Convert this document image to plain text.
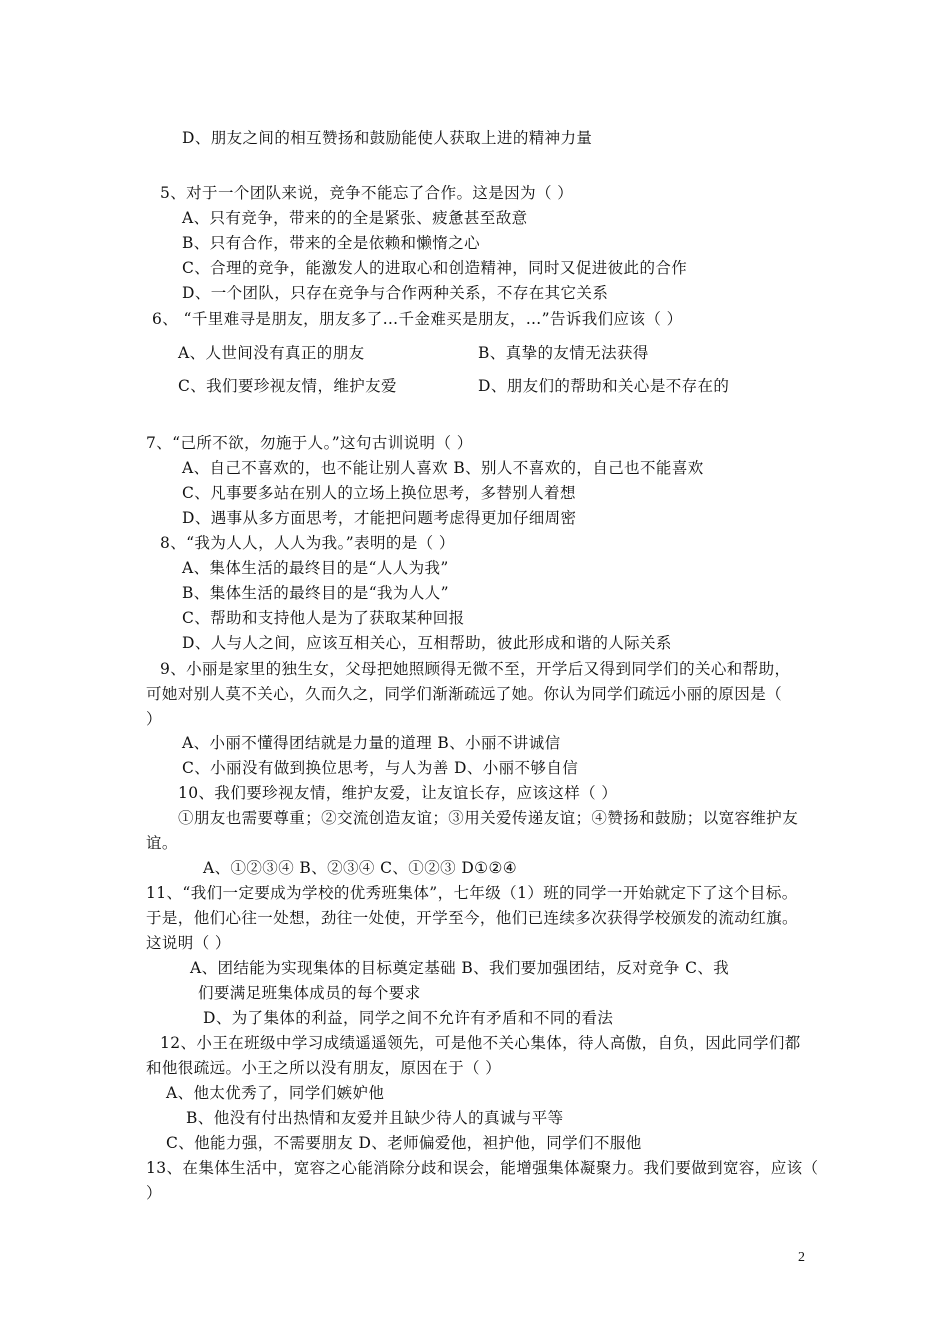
D、朋友之间的相互赞扬和鼓励能使人获取上进的精神力量
5、对于一个团队来说，竞争不能忘了合作。这是因为（ ）
A、只有竞争，带来的的全是紧张、疲惫甚至敌意
B、只有合作，带来的全是依赖和懒惰之心
C、合理的竞争，能激发人的进取心和创造精神，同时又促进彼此的合作
D、一个团队，只存在竞争与合作两种关系，不存在其它关系
6、 “千里难寻是朋友，朋友多了…千金难买是朋友，…”告诉我们应该（ ）
A、人世间没有真正的朋友	B、真挚的友情无法获得
C、我们要珍视友情，维护友爱	D、朋友们的帮助和关心是不存在的
7、“己所不欲，勿施于人。”这句古训说明（ ）
A、自己不喜欢的，也不能让别人喜欢 B、别人不喜欢的，自己也不能喜欢
C、凡事要多站在别人的立场上换位思考，多替别人着想
D、遇事从多方面思考，才能把问题考虑得更加仔细周密
8、“我为人人，人人为我。”表明的是（ ）
A、集体生活的最终目的是“人人为我”
B、集体生活的最终目的是“我为人人”
C、帮助和支持他人是为了获取某种回报
D、人与人之间，应该互相关心，互相帮助，彼此形成和谐的人际关系
9、小丽是家里的独生女，父母把她照顾得无微不至，开学后又得到同学们的关心和帮助，
可她对别人莫不关心，久而久之，同学们渐渐疏远了她。你认为同学们疏远小丽的原因是（
）
A、小丽不懂得团结就是力量的道理 B、小丽不讲诚信
C、小丽没有做到换位思考，与人为善 D、小丽不够自信
10、我们要珍视友情，维护友爱，让友谊长存，应该这样（ ）
①朋友也需要尊重；②交流创造友谊；③用关爱传递友谊；④赞扬和鼓励；以宽容维护友
谊。
A、①②③④ B、②③④ C、①②③ D①②④
11、“我们一定要成为学校的优秀班集体”，七年级（1）班的同学一开始就定下了这个目标。
于是，他们心往一处想，劲往一处使，开学至今，他们已连续多次获得学校颁发的流动红旗。
这说明（ ）
A、团结能为实现集体的目标奠定基础 B、我们要加强团结，反对竞争 C、我
们要满足班集体成员的每个要求
D、为了集体的利益，同学之间不允许有矛盾和不同的看法
12、小王在班级中学习成绩遥遥领先，可是他不关心集体，待人高傲，自负，因此同学们都
和他很疏远。小王之所以没有朋友，原因在于（ ）
A、他太优秀了，同学们嫉妒他
B、他没有付出热情和友爱并且缺少待人的真诚与平等
C、他能力强，不需要朋友 D、老师偏爱他，袒护他，同学们不服他
13、在集体生活中，宽容之心能消除分歧和误会，能增强集体凝聚力。我们要做到宽容，应该（
）
2
